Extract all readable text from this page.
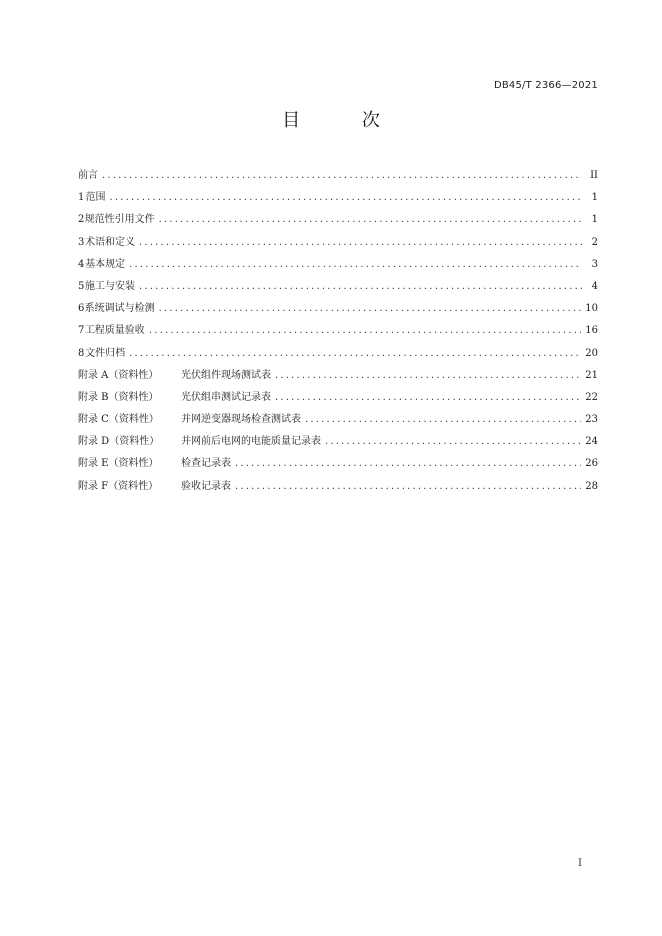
DB45/T 2366—2021
目 次
前言 .....	II
1 范围 .....	1
2 规范性引用文件 .....	1
3 术语和定义 .....	2
4 基本规定 .....	3
5 施工与安装 .....	4
6 系统调试与检测 .....	10
7 工程质量验收 .....	16
8 文件归档 .....	20
附录 A（资料性）	光伏组件现场测试表 .....	21
附录 B（资料性）	光伏组串测试记录表 .....	22
附录 C（资料性）	并网逆变器现场检查测试表 .....	23
附录 D（资料性）	并网前后电网的电能质量记录表 .....	24
附录 E（资料性）	检查记录表 .....	26
附录 F（资料性）	验收记录表 .....	28
I
